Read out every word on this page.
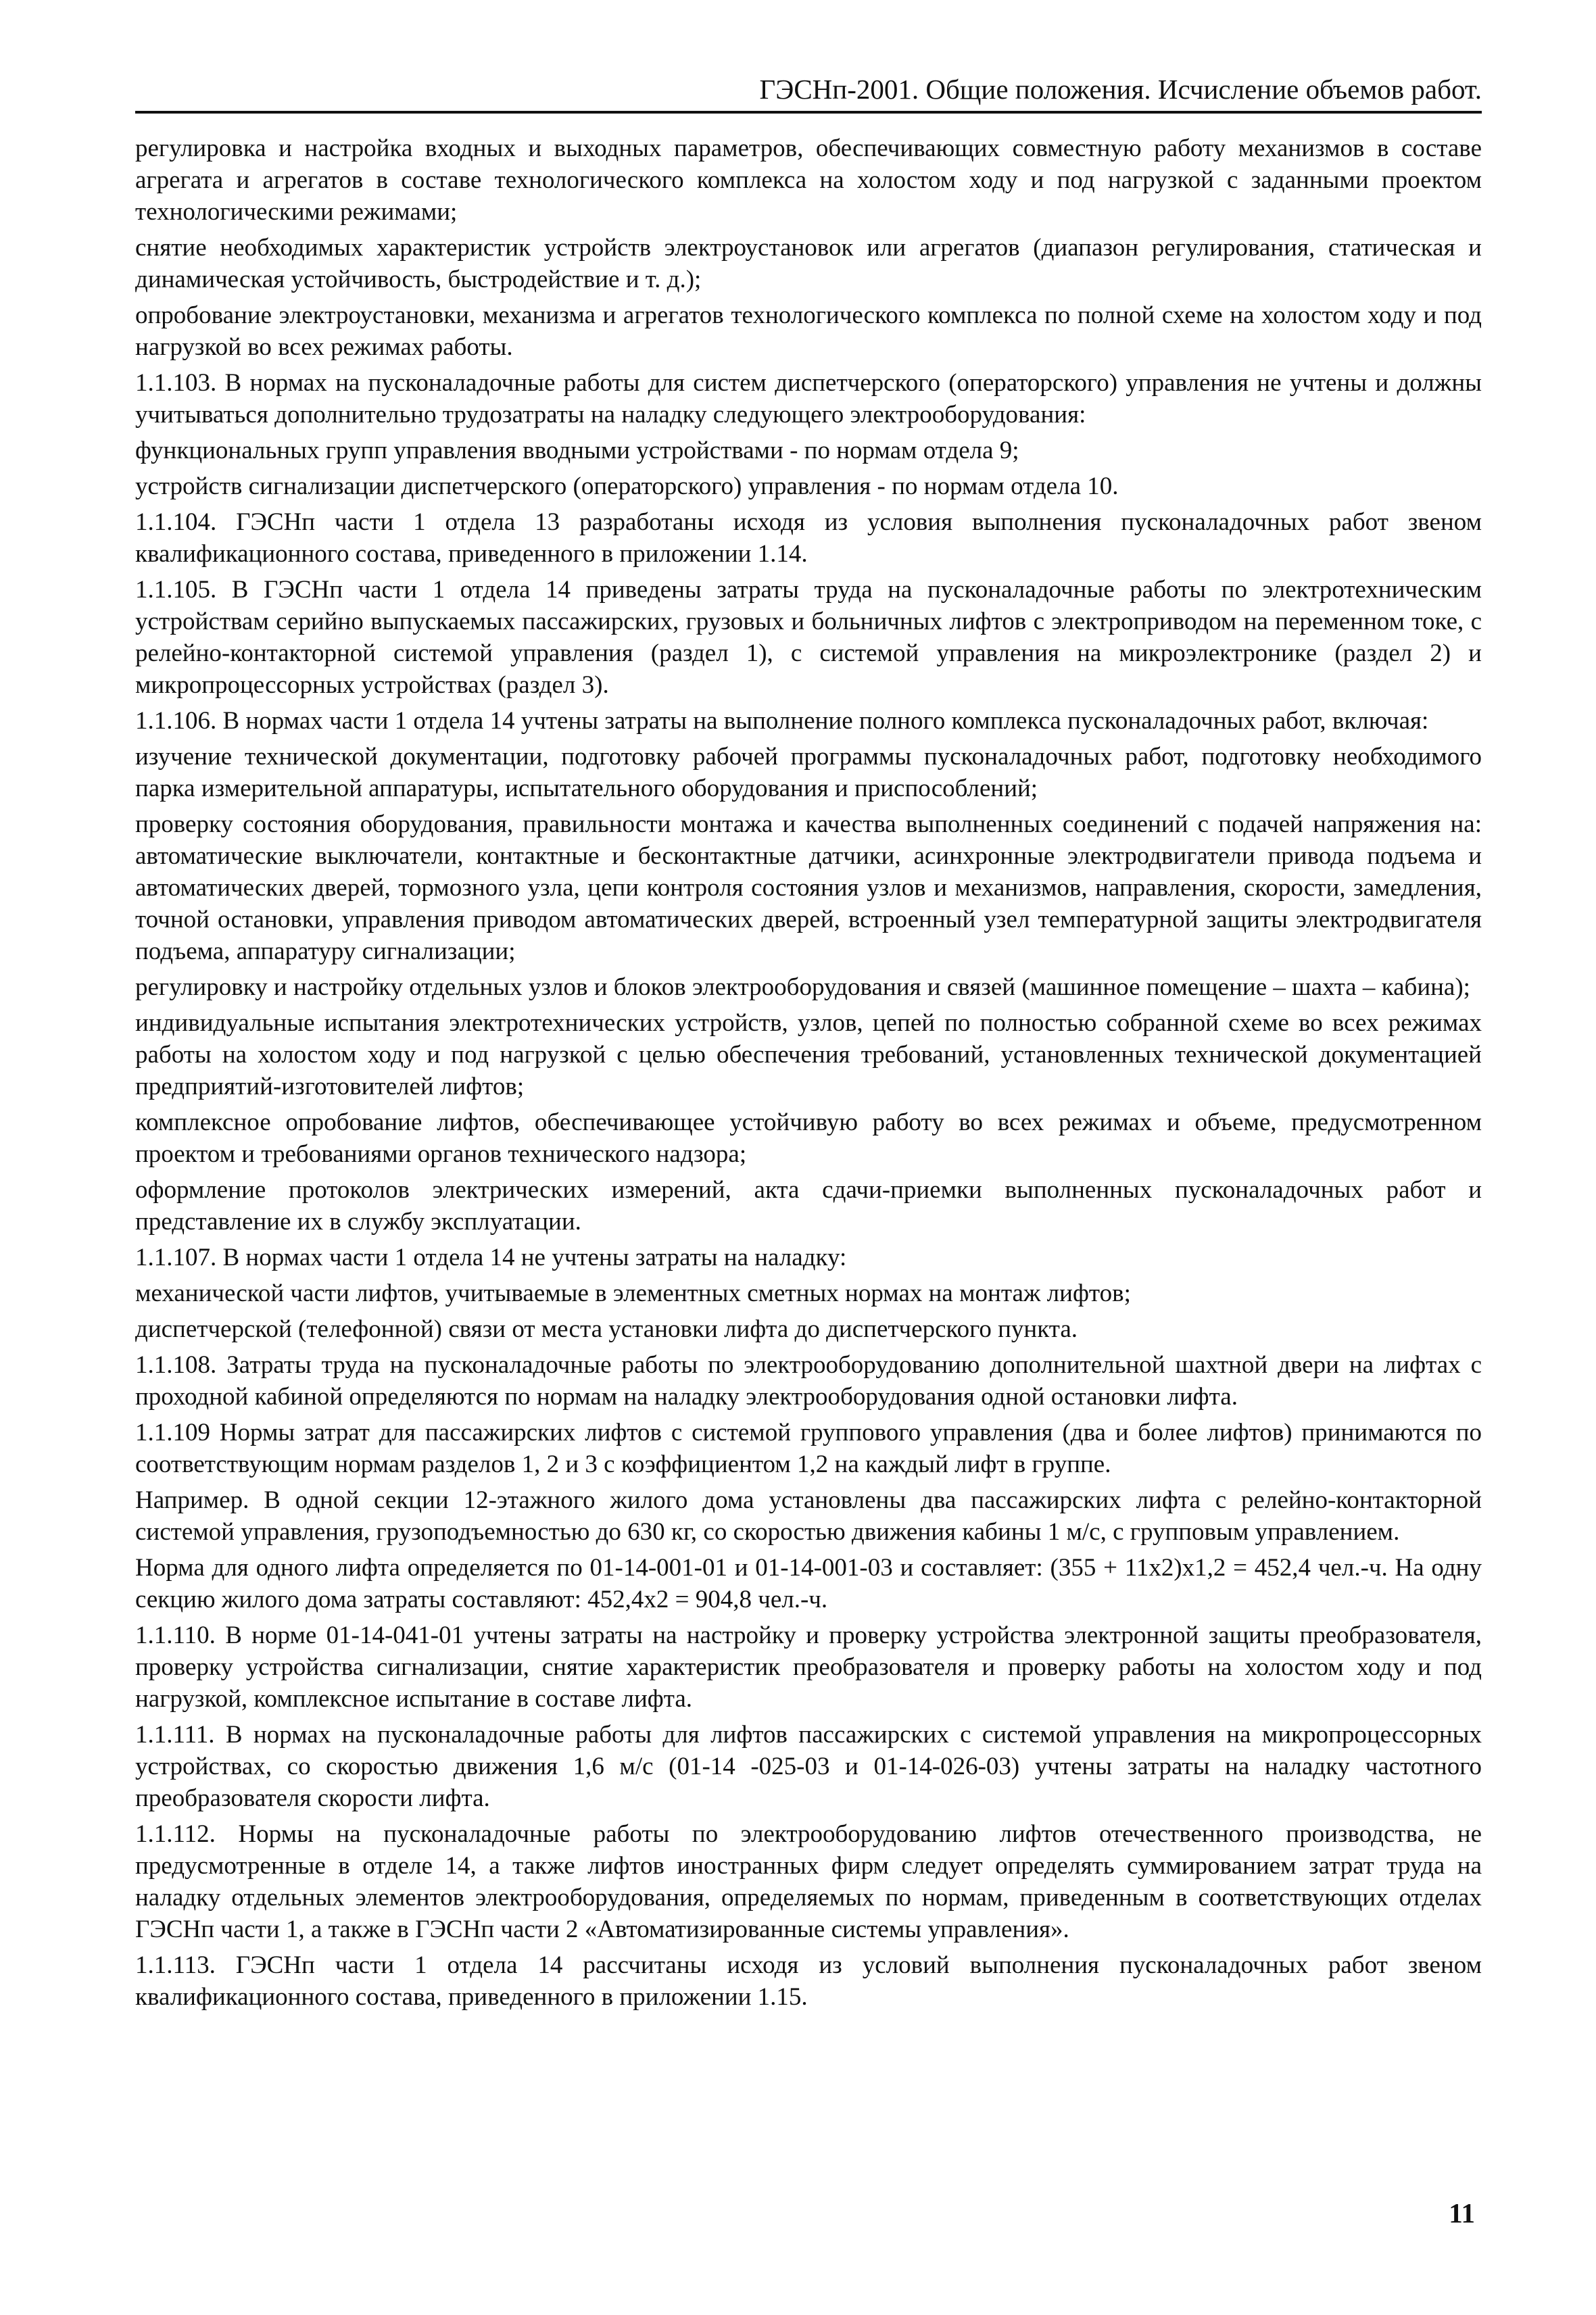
ГЭСНп-2001. Общие положения. Исчисление объемов работ.

регулировка и настройка входных и выходных параметров, обеспечивающих совместную работу механизмов в составе агрегата и агрегатов в составе технологического комплекса на холостом ходу и под нагрузкой с заданными проектом технологическими режимами;

снятие необходимых характеристик устройств электроустановок или агрегатов (диапазон регулирования, статическая и динамическая устойчивость, быстродействие и т. д.);

опробование электроустановки, механизма и агрегатов технологического комплекса по полной схеме на холостом ходу и под нагрузкой во всех режимах работы.

1.1.103. В нормах на пусконаладочные работы для систем диспетчерского (операторского) управления не учтены и должны учитываться дополнительно трудозатраты на наладку следующего электрооборудования:

функциональных групп управления вводными устройствами - по нормам отдела 9;

устройств сигнализации диспетчерского (операторского) управления - по нормам отдела 10.

1.1.104. ГЭСНп части 1 отдела 13 разработаны исходя из условия выполнения пусконаладочных работ звеном квалификационного состава, приведенного в приложении 1.14.

1.1.105. В ГЭСНп части 1 отдела 14 приведены затраты труда на пусконаладочные работы по электротехническим устройствам серийно выпускаемых пассажирских, грузовых и больничных лифтов с электроприводом на переменном токе, с релейно-контакторной системой управления (раздел 1), с системой управления на микроэлектронике (раздел 2) и микропроцессорных устройствах (раздел 3).

1.1.106. В нормах части 1 отдела 14 учтены затраты на выполнение полного комплекса пусконаладочных работ, включая:

изучение технической документации, подготовку рабочей программы пусконаладочных работ, подготовку необходимого парка измерительной аппаратуры, испытательного оборудования и приспособлений;

проверку состояния оборудования, правильности монтажа и качества выполненных соединений с подачей напряжения на: автоматические выключатели, контактные и бесконтактные датчики, асинхронные электродвигатели привода подъема и автоматических дверей, тормозного узла, цепи контроля состояния узлов и механизмов, направления, скорости, замедления, точной остановки, управления приводом автоматических дверей, встроенный узел температурной защиты электродвигателя подъема, аппаратуру сигнализации;

регулировку и настройку отдельных узлов и блоков электрооборудования и связей (машинное помещение – шахта – кабина);

индивидуальные испытания электротехнических устройств, узлов, цепей по полностью собранной схеме во всех режимах работы на холостом ходу и под нагрузкой с целью обеспечения требований, установленных технической документацией предприятий-изготовителей лифтов;

комплексное опробование лифтов, обеспечивающее устойчивую работу во всех режимах и объеме, предусмотренном проектом и требованиями органов технического надзора;

оформление протоколов электрических измерений, акта сдачи-приемки выполненных пусконаладочных работ и представление их в службу эксплуатации.

1.1.107. В нормах части 1 отдела 14 не учтены затраты на наладку:

механической части лифтов, учитываемые в элементных сметных нормах на монтаж лифтов;

диспетчерской (телефонной) связи от места установки лифта до диспетчерского пункта.

1.1.108. Затраты труда на пусконаладочные работы по электрооборудованию дополнительной шахтной двери на лифтах с проходной кабиной определяются по нормам на наладку электрооборудования одной остановки лифта.

1.1.109 Нормы затрат для пассажирских лифтов с системой группового управления (два и более лифтов) принимаются по соответствующим нормам разделов 1, 2 и 3 с коэффициентом 1,2 на каждый лифт в группе.

Например. В одной секции 12-этажного жилого дома установлены два пассажирских лифта с релейно-контакторной системой управления, грузоподъемностью до 630 кг, со скоростью движения кабины 1 м/с, с групповым управлением.

Норма для одного лифта определяется по 01-14-001-01 и 01-14-001-03 и составляет: (355 + 11х2)х1,2 = 452,4 чел.-ч. На одну секцию жилого дома затраты составляют: 452,4х2 = 904,8 чел.-ч.

1.1.110. В норме 01-14-041-01 учтены затраты на настройку и проверку устройства электронной защиты преобразователя, проверку устройства сигнализации, снятие характеристик преобразователя и проверку работы на холостом ходу и под нагрузкой, комплексное испытание в составе лифта.

1.1.111. В нормах на пусконаладочные работы для лифтов пассажирских с системой управления на микропроцессорных устройствах, со скоростью движения 1,6 м/с (01-14 -025-03 и 01-14-026-03) учтены затраты на наладку частотного преобразователя скорости лифта.

1.1.112. Нормы на пусконаладочные работы по электрооборудованию лифтов отечественного производства, не предусмотренные в отделе 14, а также лифтов иностранных фирм следует определять суммированием затрат труда на наладку отдельных элементов электрооборудования, определяемых по нормам, приведенным в соответствующих отделах ГЭСНп части 1, а также в ГЭСНп части 2 «Автоматизированные системы управления».

1.1.113. ГЭСНп части 1 отдела 14 рассчитаны исходя из условий выполнения пусконаладочных работ звеном квалификационного состава, приведенного в приложении 1.15.

11
